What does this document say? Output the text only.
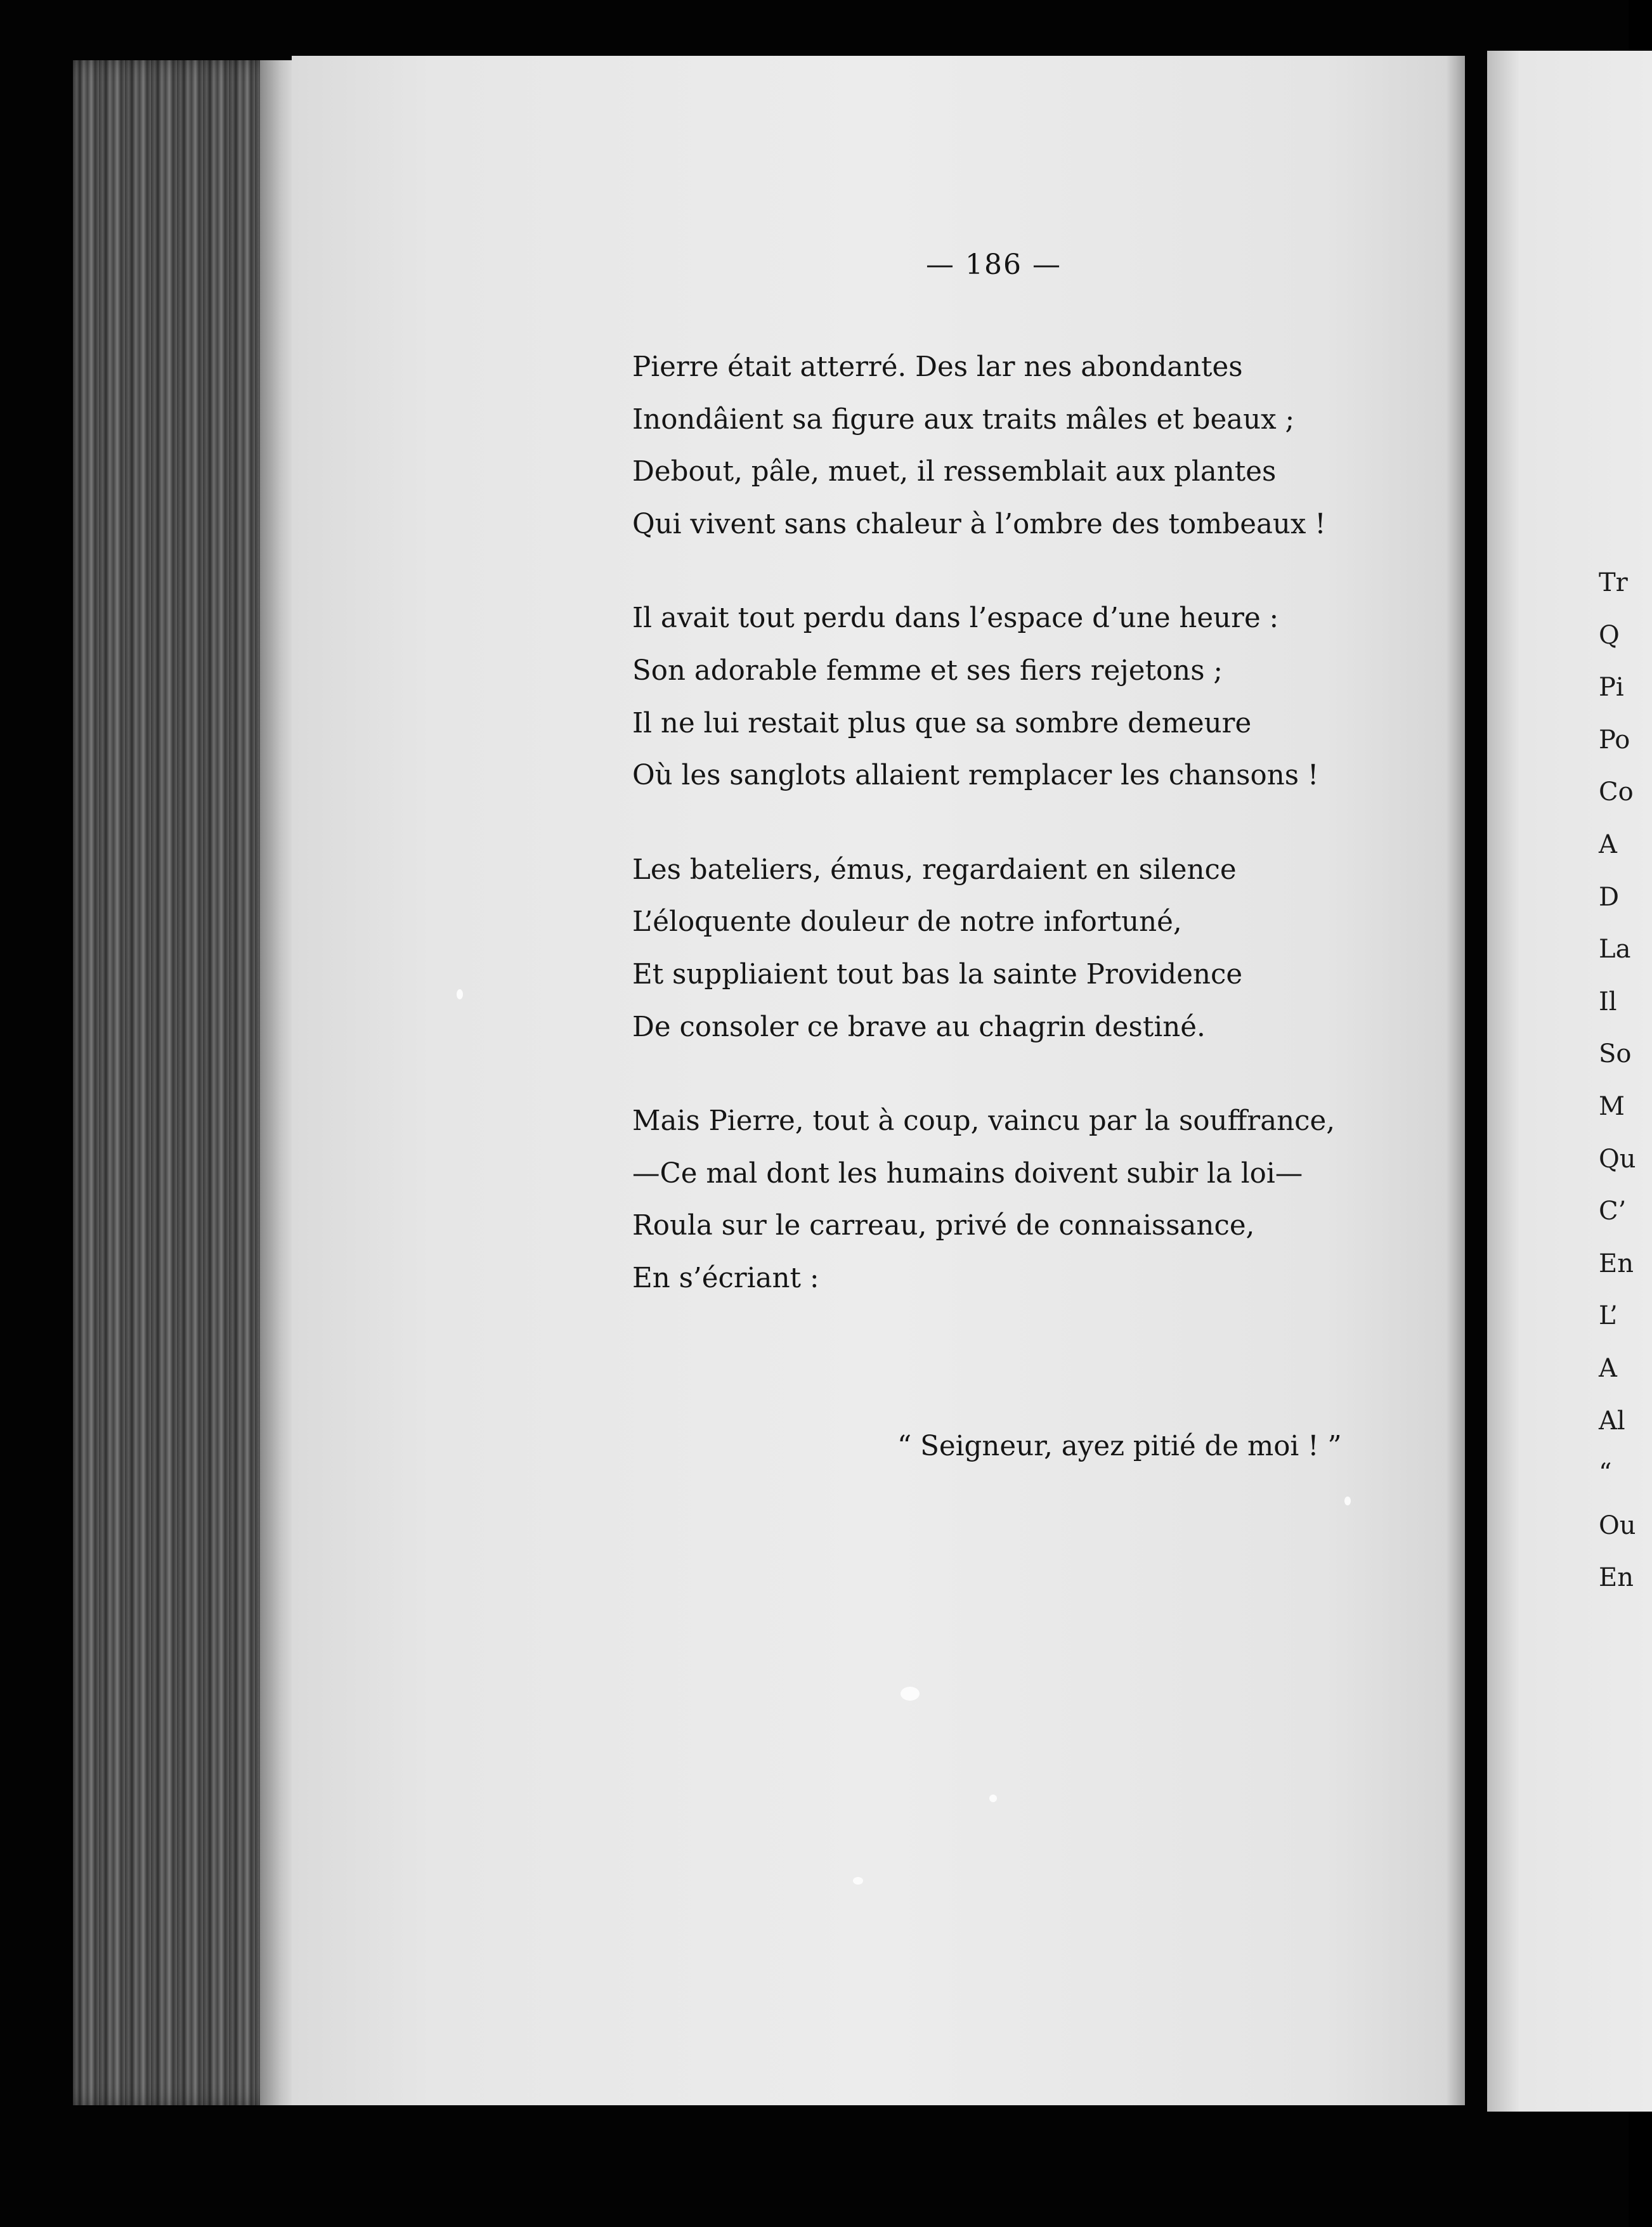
Tr
Q
Pi
Po
Co
A
D
La
Il
So
M
Qu
C’
En
L’
A
Al
“
Ou
En
— 186 —
Pierre était atterré. Des lar nes abondantes
Inondâient sa figure aux traits mâles et beaux ;
Debout, pâle, muet, il ressemblait aux plantes
Qui vivent sans chaleur à l’ombre des tombeaux !
Il avait tout perdu dans l’espace d’une heure :
Son adorable femme et ses fiers rejetons ;
Il ne lui restait plus que sa sombre demeure
Où les sanglots allaient remplacer les chansons !
Les bateliers, émus, regardaient en silence
L’éloquente douleur de notre infortuné,
Et suppliaient tout bas la sainte Providence
De consoler ce brave au chagrin destiné.
Mais Pierre, tout à coup, vaincu par la souffrance,
—Ce mal dont les humains doivent subir la loi—
Roula sur le carreau, privé de connaissance,
En s’écriant :
“ Seigneur, ayez pitié de moi ! ”
